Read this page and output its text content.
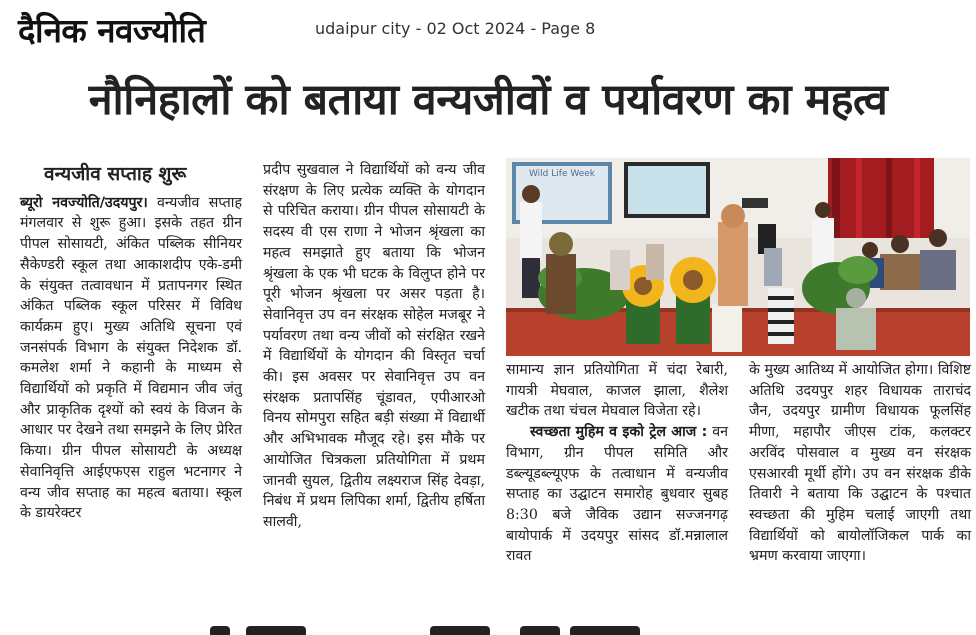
दैनिक नवज्योति	udaipur city - 02 Oct 2024 - Page 8
नौनिहालों को बताया वन्यजीवों व पर्यावरण का महत्व
वन्यजीव सप्ताह शुरू

ब्यूरो नवज्योति/उदयपुर। वन्यजीव सप्ताह मंगलवार से शुरू हुआ। इसके तहत ग्रीन पीपल सोसायटी, अंकित पब्लिक सीनियर सैकेण्डरी स्कूल तथा आकाशदीप एके-डमी के संयुक्त तत्वावधान में प्रतापनगर स्थित अंकित पब्लिक स्कूल परिसर में विविध कार्यक्रम हुए। मुख्य अतिथि सूचना एवं जनसंपर्क विभाग के संयुक्त निदेशक डॉ. कमलेश शर्मा ने कहानी के माध्यम से विद्यार्थियों को प्रकृति में विद्यमान जीव जंतु और प्राकृतिक दृश्यों को स्वयं के विजन के आधार पर देखने तथा समझने के लिए प्रेरित किया। ग्रीन पीपल सोसायटी के अध्यक्ष सेवानिवृत्ति आईएफएस राहुल भटनागर ने वन्य जीव सप्ताह का महत्व बताया। स्कूल के डायरेक्टर

प्रदीप सुखवाल ने विद्यार्थियों को वन्य जीव संरक्षण के लिए प्रत्येक व्यक्ति के योगदान से परिचित कराया। ग्रीन पीपल सोसायटी के सदस्य वी एस राणा ने भोजन श्रृंखला का महत्व समझाते हुए बताया कि भोजन श्रृंखला के एक भी घटक के विलुप्त होने पर पूरी भोजन श्रृंखला पर असर पड़ता है। सेवानिवृत्त उप वन संरक्षक सोहेल मजबूर ने पर्यावरण तथा वन्य जीवों को संरक्षित रखने में विद्यार्थियों के योगदान की विस्तृत चर्चा की। इस अवसर पर सेवानिवृत्त उप वन संरक्षक प्रतापसिंह चूंडावत, एपीआरओ विनय सोमपुरा सहित बड़ी संख्या में विद्यार्थी और अभिभावक मौजूद रहे। इस मौके पर आयोजित चित्रकला प्रतियोगिता में प्रथम जानवी सुयल, द्वितीय लक्ष्यराज सिंह देवड़ा, निबंध में प्रथम लिपिका शर्मा, द्वितीय हर्षिता सालवी,

Wild Life Week

सामान्य ज्ञान प्रतियोगिता में चंदा रेबारी, गायत्री मेघवाल, काजल झाला, शैलेश खटीक तथा चंचल मेघवाल विजेता रहे।

स्वच्छता मुहिम व इको ट्रेल आज : वन विभाग, ग्रीन पीपल समिति और डब्ल्यूडब्ल्यूएफ के तत्वाधान में वन्यजीव सप्ताह का उद्घाटन समारोह बुधवार सुबह 8:30 बजे जैविक उद्यान सज्जनगढ़ बायोपार्क में उदयपुर सांसद डॉ.मन्नालाल रावत

के मुख्य आतिथ्य में आयोजित होगा। विशिष्ट अतिथि उदयपुर शहर विधायक ताराचंद जैन, उदयपुर ग्रामीण विधायक फूलसिंह मीणा, महापौर जीएस टांक, कलक्टर अरविंद पोसवाल व मुख्य वन संरक्षक एसआरवी मूर्थी होंगे। उप वन संरक्षक डीके तिवारी ने बताया कि उद्घाटन के पश्चात स्वच्छता की मुहिम चलाई जाएगी तथा विद्यार्थियों को बायोलॉजिकल पार्क का भ्रमण करवाया जाएगा।
